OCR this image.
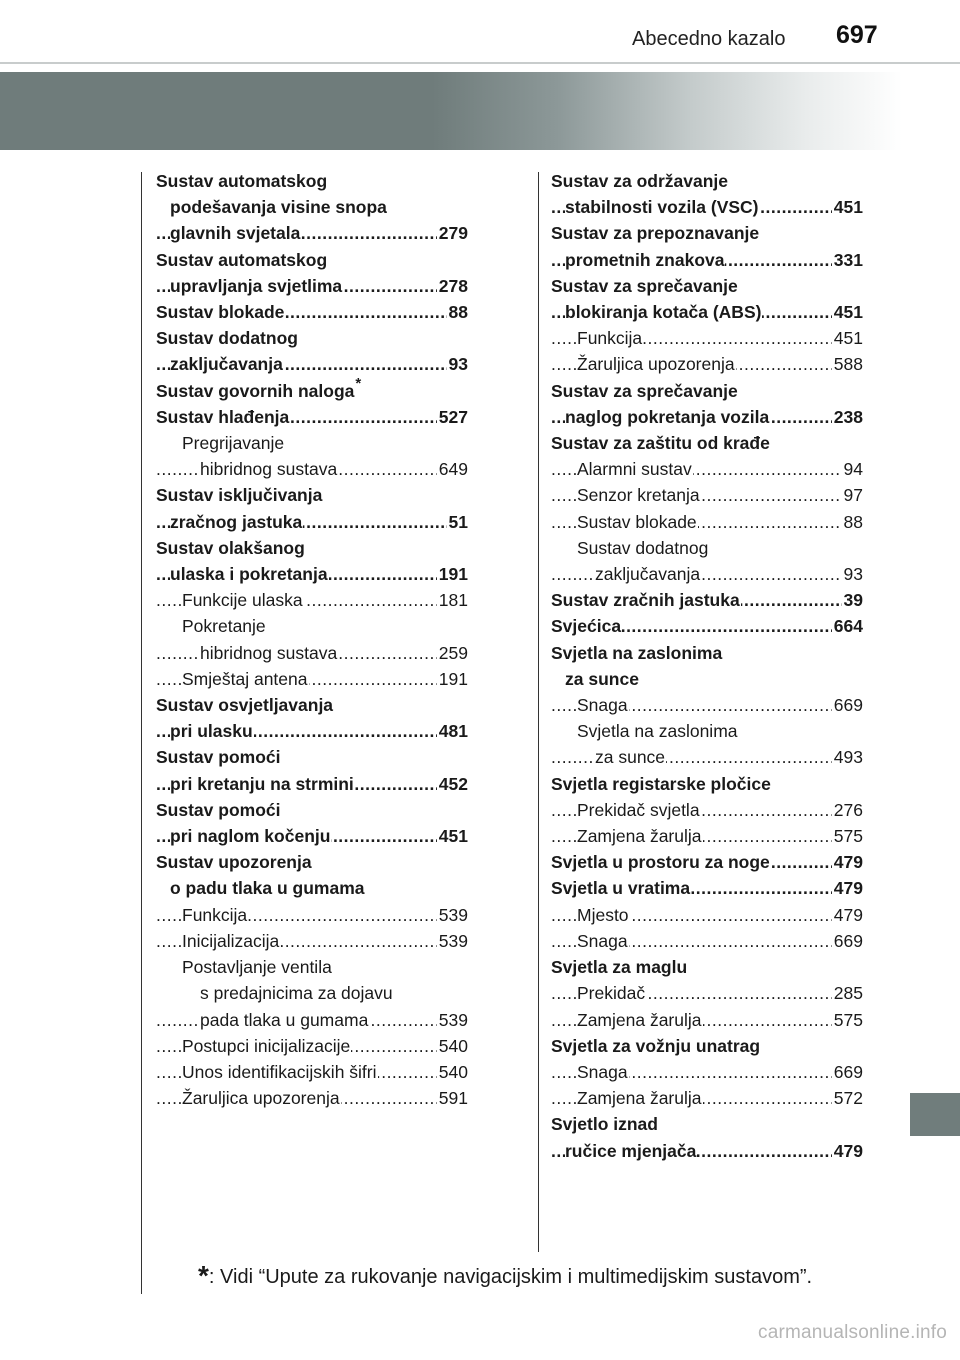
Abecedno kazalo 697
Sustav automatskog
podešavanja visine snopa
glavnih svjetala	279
.....
Sustav automatskog
upravljanja svjetlima	278
.....
Sustav blokade	88
.....
Sustav dodatnog
zaključavanja	93
.....
Sustav govornih naloga*
Sustav hlađenja	527
.....
Pregrijavanje
hibridnog sustava	649
.....
Sustav isključivanja
zračnog jastuka	51
.....
Sustav olakšanog
ulaska i pokretanja	191
.....
Funkcije ulaska	181
.....
Pokretanje
hibridnog sustava	259
.....
Smještaj antena	191
.....
Sustav osvjetljavanja
pri ulasku	481
.....
Sustav pomoći
pri kretanju na strmini	452
.....
Sustav pomoći
pri naglom kočenju	451
.....
Sustav upozorenja
o padu tlaka u gumama
Funkcija	539
.....
Inicijalizacija	539
.....
Postavljanje ventila
s predajnicima za dojavu
pada tlaka u gumama	539
.....
Postupci inicijalizacije	540
.....
Unos identifikacijskih šifri	540
.....
Žaruljica upozorenja	591
.....
Sustav za održavanje
stabilnosti vozila (VSC)	451
.....
Sustav za prepoznavanje
prometnih znakova	331
.....
Sustav za sprečavanje
blokiranja kotača (ABS)	451
.....
Funkcija	451
.....
Žaruljica upozorenja	588
.....
Sustav za sprečavanje
naglog pokretanja vozila	238
.....
Sustav za zaštitu od krađe
Alarmni sustav	94
.....
Senzor kretanja	97
.....
Sustav blokade	88
.....
Sustav dodatnog
zaključavanja	93
.....
Sustav zračnih jastuka	39
.....
Svjećica	664
.....
Svjetla na zaslonima
za sunce
Snaga	669
.....
Svjetla na zaslonima
za sunce	493
.....
Svjetla registarske pločice
Prekidač svjetla	276
.....
Zamjena žarulja	575
.....
Svjetla u prostoru za noge	479
.....
Svjetla u vratima	479
.....
Mjesto	479
.....
Snaga	669
.....
Svjetla za maglu
Prekidač	285
.....
Zamjena žarulja	575
.....
Svjetla za vožnju unatrag
Snaga	669
.....
Zamjena žarulja	572
.....
Svjetlo iznad
ručice mjenjača	479
.....
*: Vidi “Upute za rukovanje navigacijskim i multimedijskim sustavom”.
carmanualsonline.info
